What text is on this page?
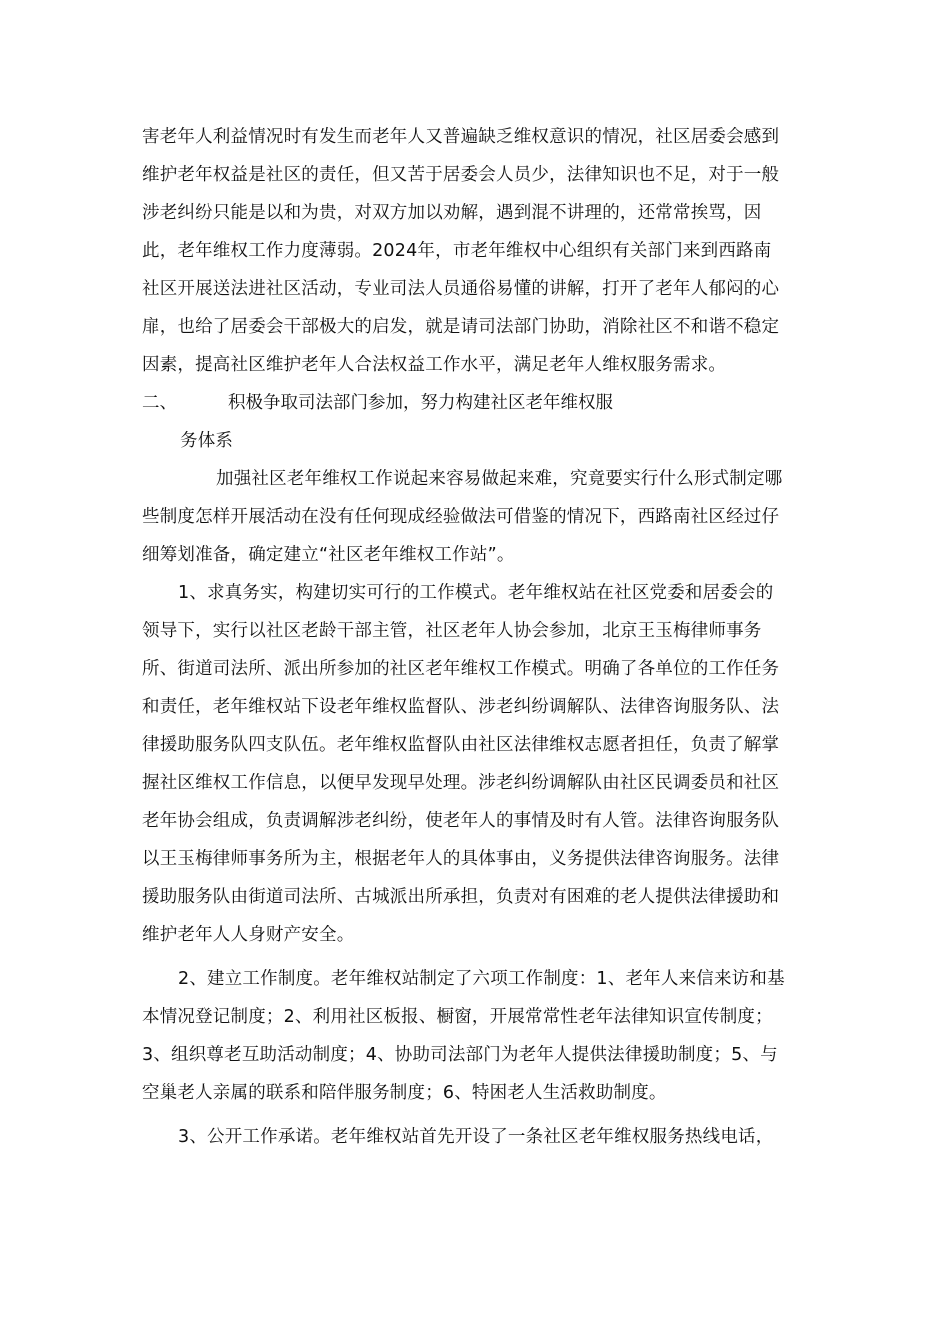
害老年人利益情况时有发生而老年人又普遍缺乏维权意识的情况，社区居委会感到
维护老年权益是社区的责任，但又苦于居委会人员少，法律知识也不足，对于一般
涉老纠纷只能是以和为贵，对双方加以劝解，遇到混不讲理的，还常常挨骂，因
此，老年维权工作力度薄弱。2024年，市老年维权中心组织有关部门来到西路南
社区开展送法进社区活动，专业司法人员通俗易懂的讲解，打开了老年人郁闷的心
扉，也给了居委会干部极大的启发，就是请司法部门协助，消除社区不和谐不稳定
因素，提高社区维护老年人合法权益工作水平，满足老年人维权服务需求。
二、	积极争取司法部门参加，努力构建社区老年维权服
务体系
加强社区老年维权工作说起来容易做起来难，究竟要实行什么形式制定哪
些制度怎样开展活动在没有任何现成经验做法可借鉴的情况下，西路南社区经过仔
细筹划准备，确定建立“社区老年维权工作站”。
1、求真务实，构建切实可行的工作模式。老年维权站在社区党委和居委会的
领导下，实行以社区老龄干部主管，社区老年人协会参加，北京王玉梅律师事务
所、街道司法所、派出所参加的社区老年维权工作模式。明确了各单位的工作任务
和责任，老年维权站下设老年维权监督队、涉老纠纷调解队、法律咨询服务队、法
律援助服务队四支队伍。老年维权监督队由社区法律维权志愿者担任，负责了解掌
握社区维权工作信息，以便早发现早处理。涉老纠纷调解队由社区民调委员和社区
老年协会组成，负责调解涉老纠纷，使老年人的事情及时有人管。法律咨询服务队
以王玉梅律师事务所为主，根据老年人的具体事由，义务提供法律咨询服务。法律
援助服务队由街道司法所、古城派出所承担，负责对有困难的老人提供法律援助和
维护老年人人身财产安全。
2、建立工作制度。老年维权站制定了六项工作制度：1、老年人来信来访和基
本情况登记制度；2、利用社区板报、橱窗，开展常常性老年法律知识宣传制度；
3、组织尊老互助活动制度；4、协助司法部门为老年人提供法律援助制度；5、与
空巢老人亲属的联系和陪伴服务制度；6、特困老人生活救助制度。
3、公开工作承诺。老年维权站首先开设了一条社区老年维权服务热线电话，
